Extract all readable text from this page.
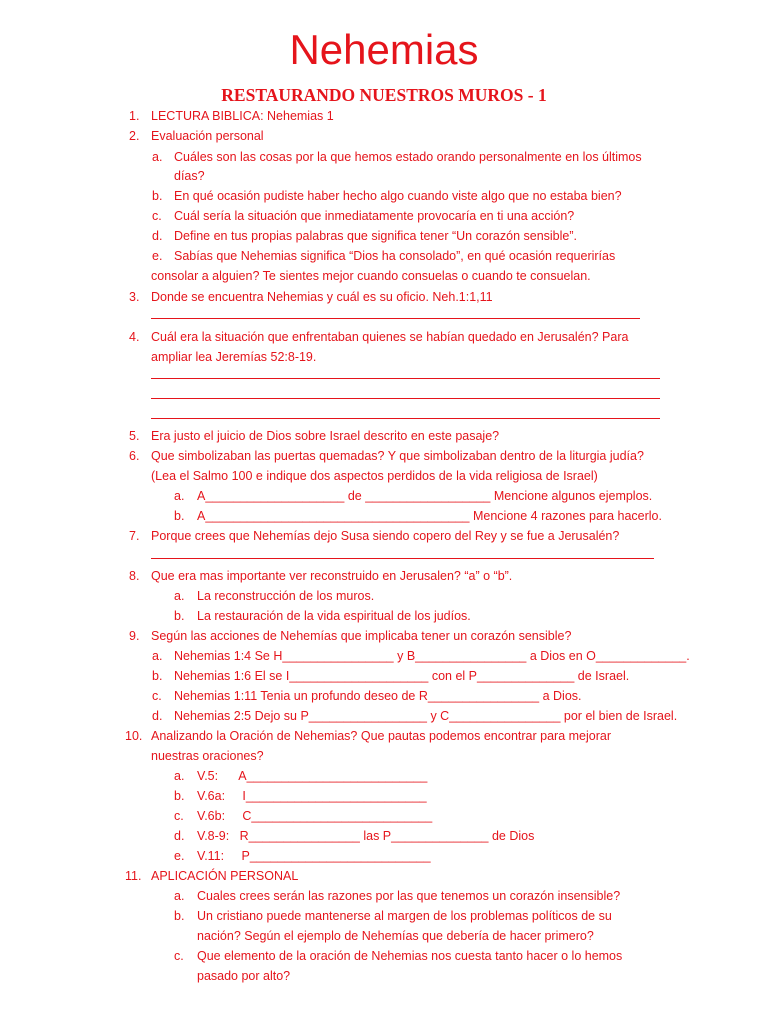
Nehemias
RESTAURANDO NUESTROS MUROS - 1
1. LECTURA BIBLICA: Nehemias 1
2. Evaluación personal
a. Cuáles son las cosas por la que hemos estado orando personalmente en los últimos
días?
b. En qué ocasión pudiste haber hecho algo cuando viste algo que no estaba bien?
c. Cuál sería la situación que inmediatamente provocaría en ti una acción?
d. Define en tus propias palabras que significa tener “Un corazón sensible”.
e. Sabías que Nehemias significa “Dios ha consolado”, en qué ocasión requerirías
consolar a alguien? Te sientes mejor cuando consuelas o cuando te consuelan.
3. Donde se encuentra Nehemias y cuál es su oficio. Neh.1:1,11
4. Cuál era la situación que enfrentaban quienes se habían quedado en Jerusalén? Para
ampliar lea Jeremías 52:8-19.
5. Era justo el juicio de Dios sobre Israel descrito en este pasaje?
6. Que simbolizaban las puertas quemadas? Y que simbolizaban dentro de la liturgia judía?
(Lea el Salmo 100 e indique dos aspectos perdidos de la vida religiosa de Israel)
a. A____________________ de __________________ Mencione algunos ejemplos.
b. A______________________________________ Mencione 4 razones para hacerlo.
7. Porque crees que Nehemías dejo Susa siendo copero del Rey y se fue a Jerusalén?
8. Que era mas importante ver reconstruido en Jerusalen? “a” o “b”.
a. La reconstrucción de los muros.
b. La restauración de la vida espiritual de los judíos.
9. Según las acciones de Nehemías que implicaba tener un corazón sensible?
a. Nehemias 1:4 Se H________________ y B________________ a Dios en O_____________.
b. Nehemias 1:6 El se I____________________ con el P______________ de Israel.
c. Nehemias 1:11 Tenia un profundo deseo de R________________ a Dios.
d. Nehemias 2:5 Dejo su P_________________ y C________________ por el bien de Israel.
10. Analizando la Oración de Nehemias? Que pautas podemos encontrar para mejorar
nuestras oraciones?
a. V.5:      A__________________________
b. V.6a:     I__________________________
c. V.6b:     C__________________________
d. V.8-9:   R________________ las P______________ de Dios
e. V.11:     P__________________________
11. APLICACIÓN PERSONAL
a. Cuales crees serán las razones por las que tenemos un corazón insensible?
b. Un cristiano puede mantenerse al margen de los problemas políticos de su
nación? Según el ejemplo de Nehemías que debería de hacer primero?
c. Que elemento de la oración de Nehemias nos cuesta tanto hacer o lo hemos
pasado por alto?
